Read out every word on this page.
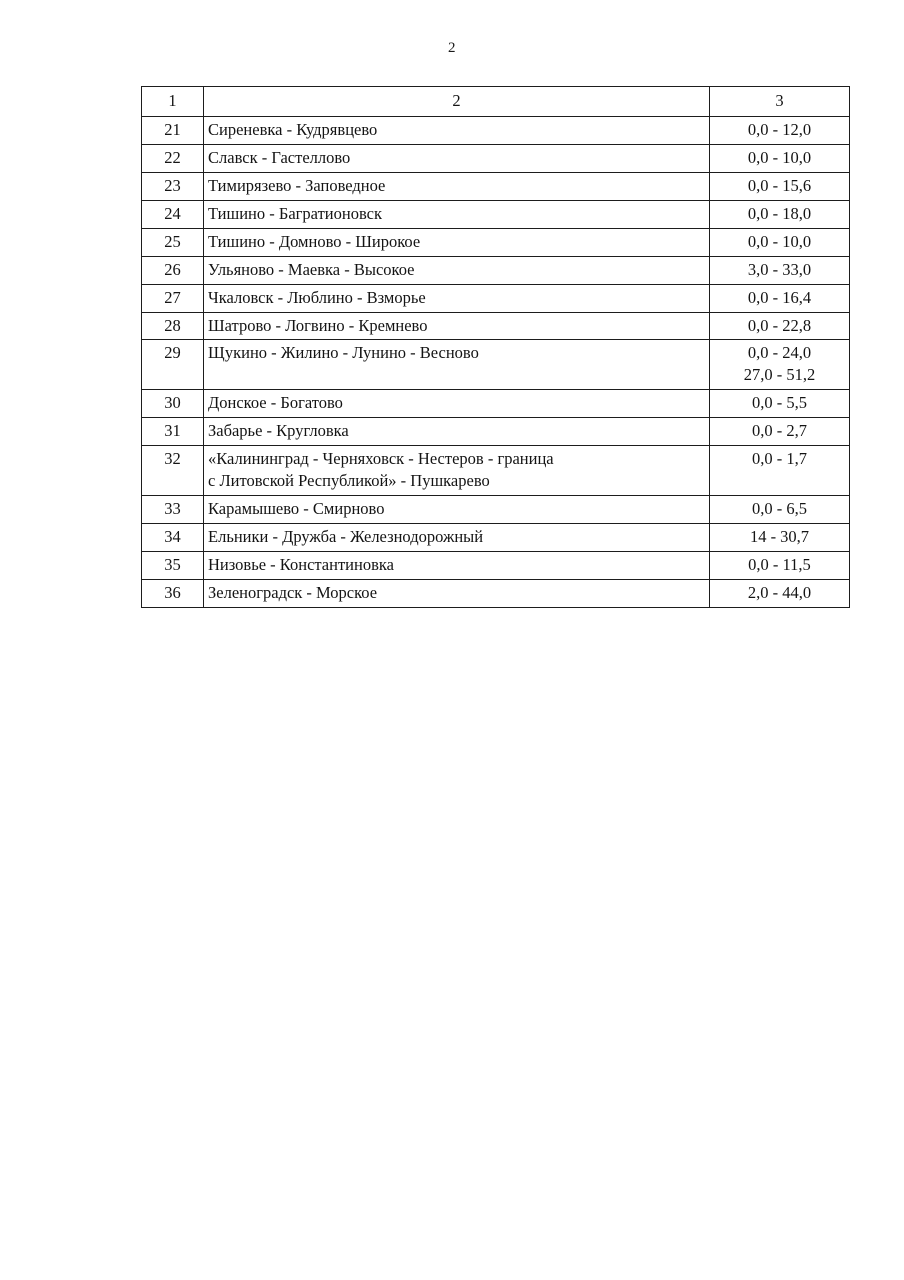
2
1	2	3
21	Сиреневка - Кудрявцево	0,0 - 12,0

22	Славск - Гастеллово	0,0 - 10,0

23	Тимирязево - Заповедное	0,0 - 15,6

24	Тишино - Багратионовск	0,0 - 18,0

25	Тишино - Домново - Широкое	0,0 - 10,0

26	Ульяново - Маевка - Высокое	3,0 - 33,0

27	Чкаловск - Люблино - Взморье	0,0 - 16,4

28	Шатрово - Логвино - Кремнево	0,0 - 22,8

29	Щукино - Жилино - Лунино - Весново	0,0 - 24,0
27,0 - 51,2

30	Донское - Богатово	0,0 - 5,5

31	Забарье - Кругловка	0,0 - 2,7

32	«Калининград - Черняховск - Нестеров - граница
с Литовской Республикой» - Пушкарево	0,0 - 1,7

33	Карамышево - Смирново	0,0 - 6,5

34	Ельники - Дружба - Железнодорожный	14 - 30,7

35	Низовье - Константиновка	0,0 - 11,5

36	Зеленоградск - Морское	2,0 - 44,0
